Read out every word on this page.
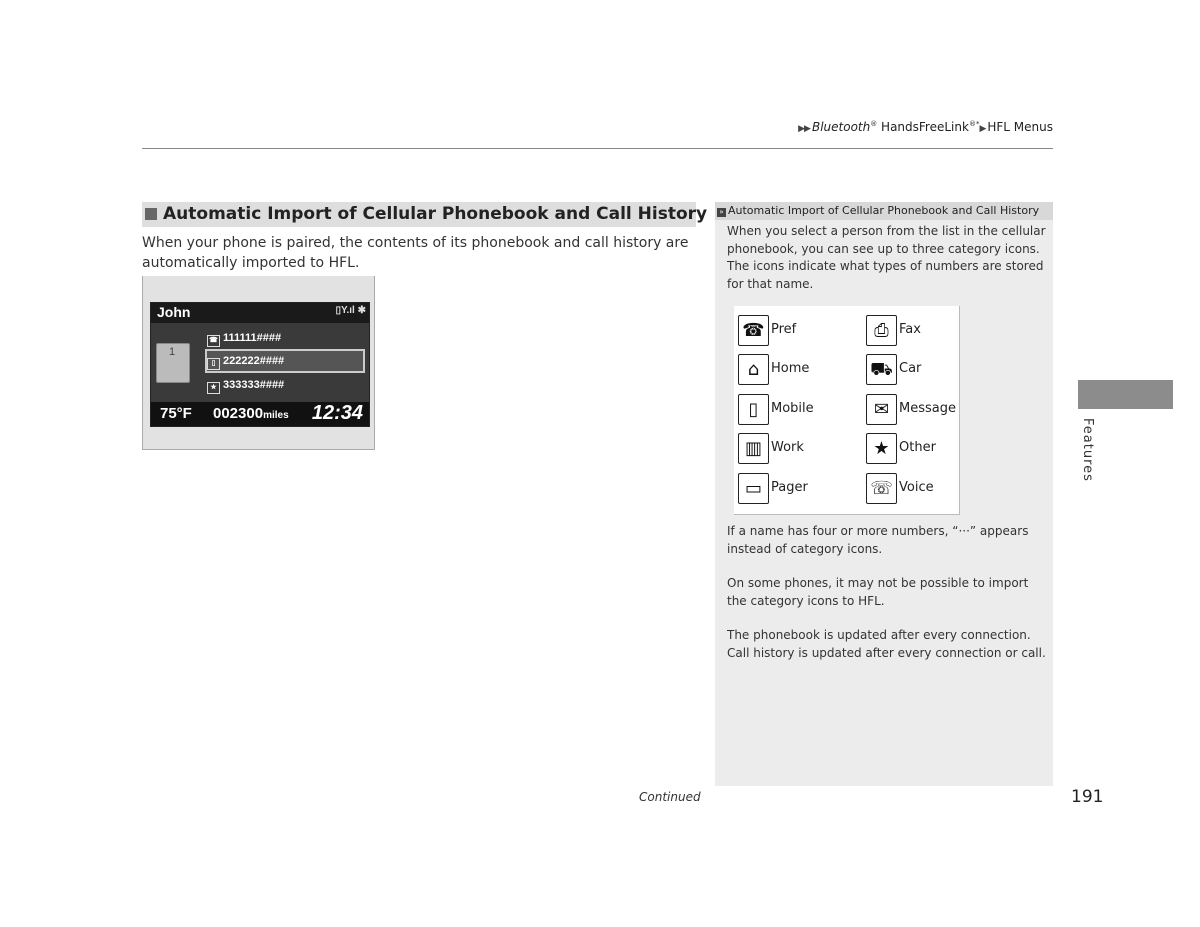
▶▶ Bluetooth® HandsFreeLink®*▶ HFL Menus
Automatic Import of Cellular Phonebook and Call History
When your phone is paired, the contents of its phonebook and call history are automatically imported to HFL.
John	▯Y.ıl ✱
1
☎ 111111####
▯ 222222####
★ 333333####
75°F 002300miles 12:34
» Automatic Import of Cellular Phonebook and Call History
When you select a person from the list in the cellular phonebook, you can see up to three category icons. The icons indicate what types of numbers are stored for that name.
☎ Pref	⎙ Fax
⌂ Home	⛟ Car
▯ Mobile	✉ Message
▥ Work	★ Other
▭ Pager	☏ Voice
If a name has four or more numbers, “···” appears instead of category icons.
On some phones, it may not be possible to import the category icons to HFL.
The phonebook is updated after every connection. Call history is updated after every connection or call.
Continued	191
Features
